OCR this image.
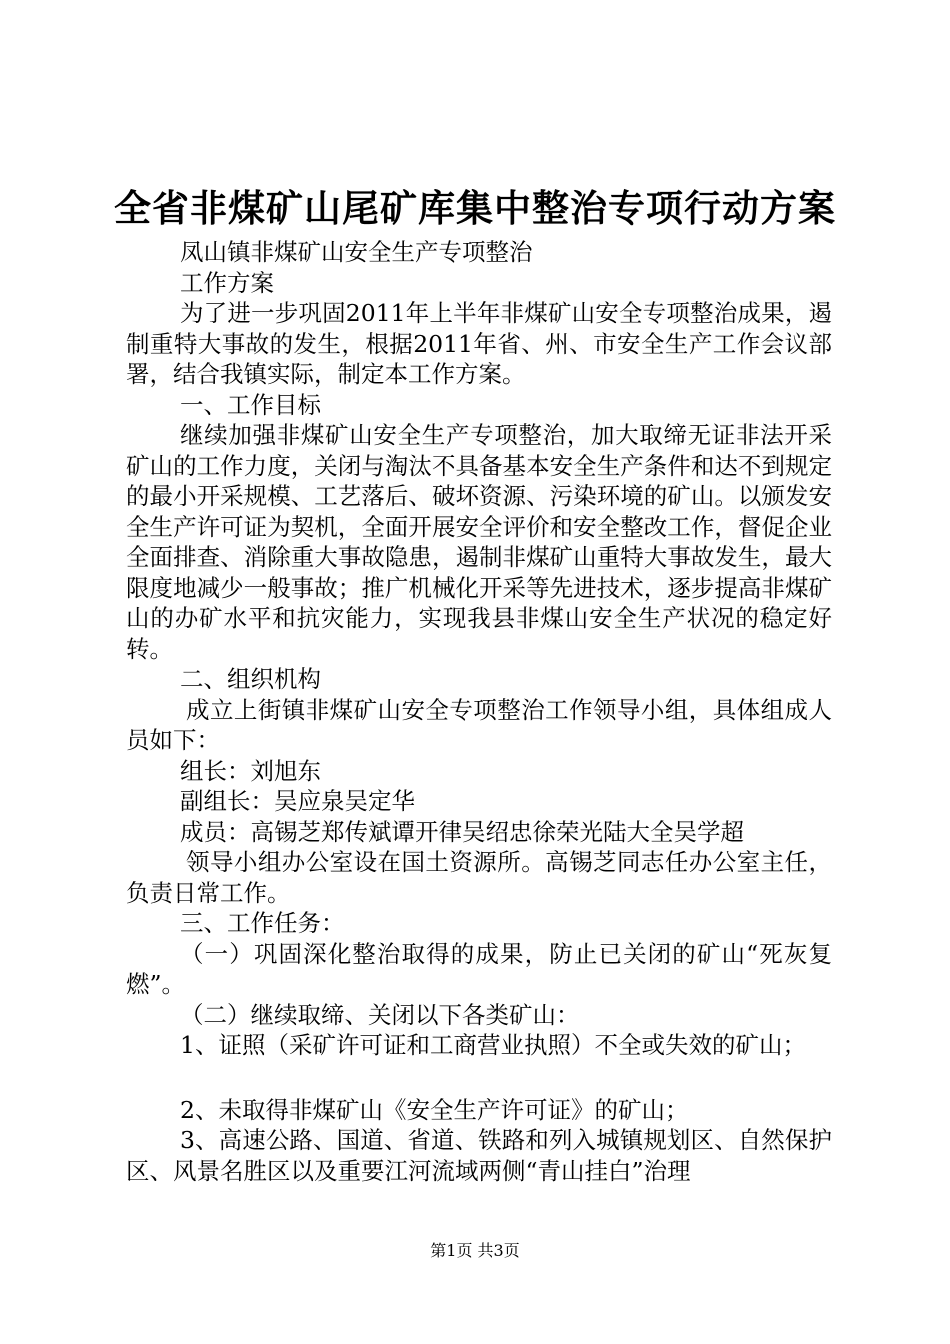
全省非煤矿山尾矿库集中整治专项行动方案

凤山镇非煤矿山安全生产专项整治

工作方案

为了进一步巩固2011年上半年非煤矿山安全专项整治成果，遏制重特大事故的发生，根据2011年省、州、市安全生产工作会议部署，结合我镇实际，制定本工作方案。

一、工作目标

继续加强非煤矿山安全生产专项整治，加大取缔无证非法开采矿山的工作力度，关闭与淘汰不具备基本安全生产条件和达不到规定的最小开采规模、工艺落后、破坏资源、污染环境的矿山。以颁发安全生产许可证为契机，全面开展安全评价和安全整改工作，督促企业全面排查、消除重大事故隐患，遏制非煤矿山重特大事故发生，最大限度地减少一般事故；推广机械化开采等先进技术，逐步提高非煤矿山的办矿水平和抗灾能力，实现我县非煤山安全生产状况的稳定好转。

二、组织机构

成立上街镇非煤矿山安全专项整治工作领导小组，具体组成人员如下：

组长：刘旭东

副组长：吴应泉吴定华

成员：高锡芝郑传斌谭开律吴绍忠徐荣光陆大全吴学超

领导小组办公室设在国土资源所。高锡芝同志任办公室主任，负责日常工作。

三、工作任务：

（一）巩固深化整治取得的成果，防止已关闭的矿山“死灰复燃”。

（二）继续取缔、关闭以下各类矿山：

1、证照（采矿许可证和工商营业执照）不全或失效的矿山；

2、未取得非煤矿山《安全生产许可证》的矿山；

3、高速公路、国道、省道、铁路和列入城镇规划区、自然保护区、风景名胜区以及重要江河流域两侧“青山挂白”治理

第1页 共3页
